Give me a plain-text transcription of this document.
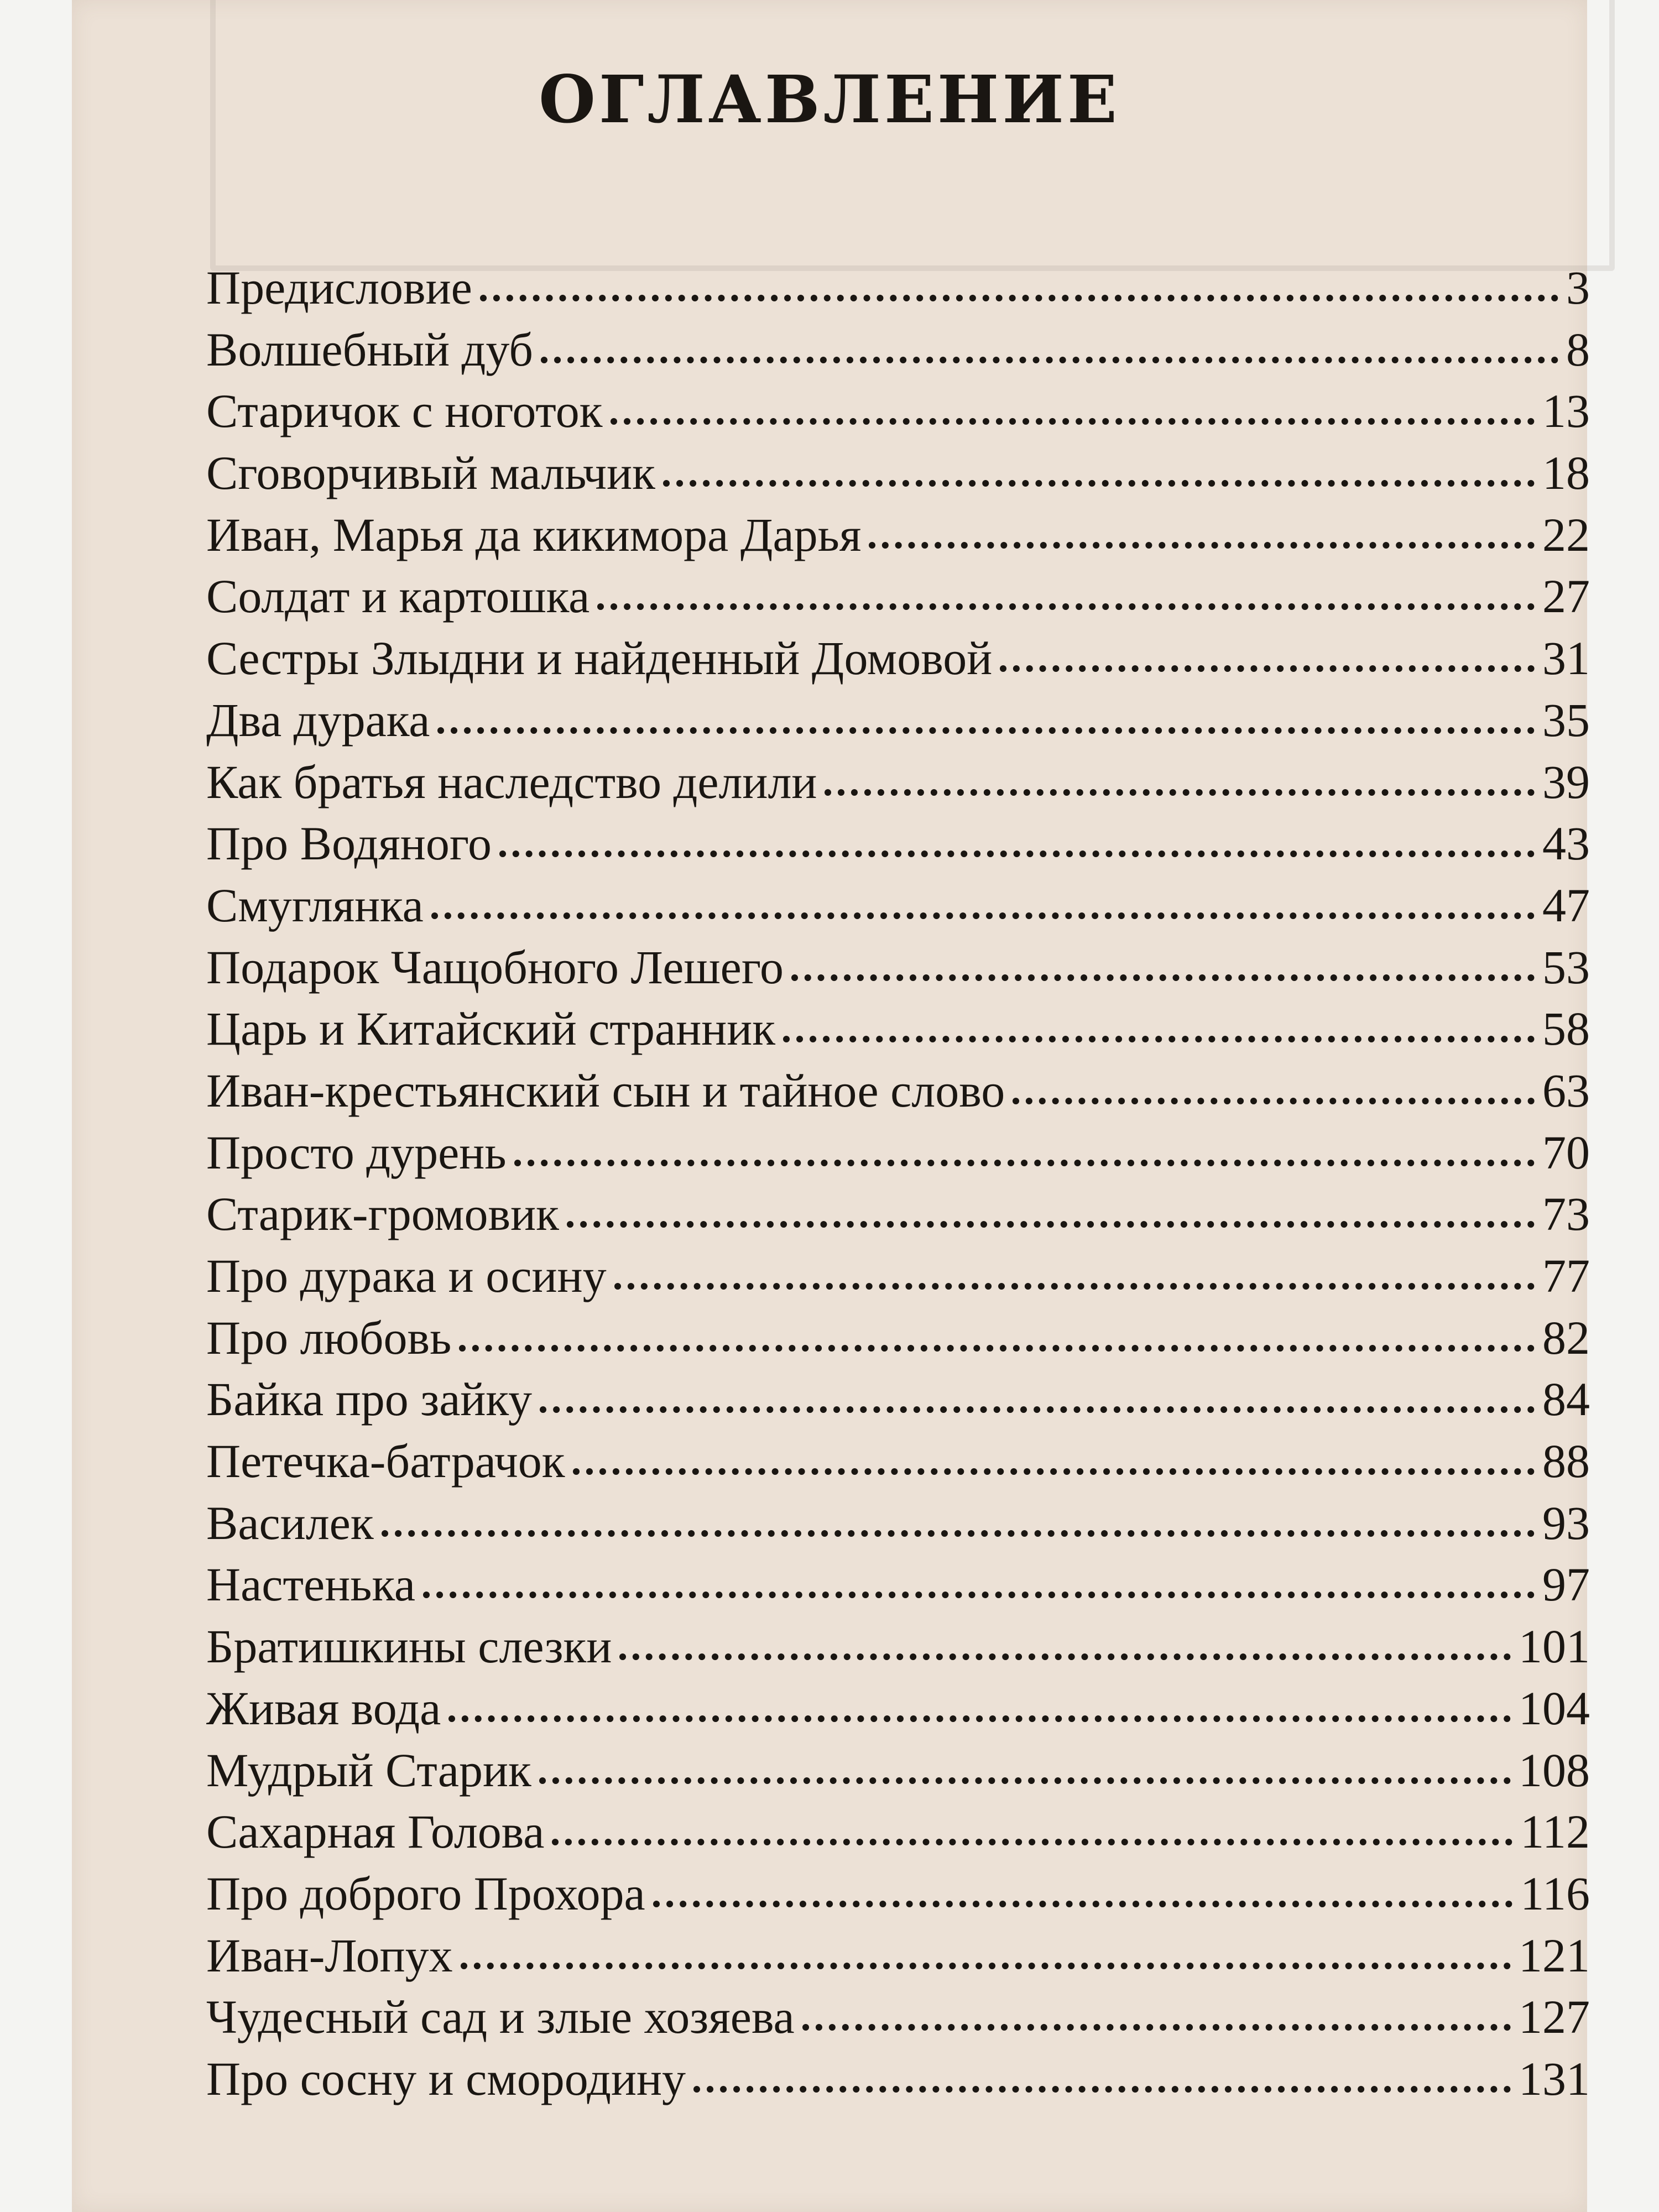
ОГЛАВЛЕНИЕ
Предисловие	3
Волшебный дуб	8
Старичок с ноготок	13
Сговорчивый мальчик	18
Иван, Марья да кикимора Дарья	22
Солдат и картошка	27
Сестры Злыдни и найденный Домовой	31
Два дурака	35
Как братья наследство делили	39
Про Водяного	43
Смуглянка	47
Подарок Чащобного Лешего	53
Царь и Китайский странник	58
Иван-крестьянский сын и тайное слово	63
Просто дурень	70
Старик-громовик	73
Про дурака и осину	77
Про любовь	82
Байка про зайку	84
Петечка-батрачок	88
Василек	93
Настенька	97
Братишкины слезки	101
Живая вода	104
Мудрый Старик	108
Сахарная Голова	112
Про доброго Прохора	116
Иван-Лопух	121
Чудесный сад и злые хозяева	127
Про сосну и смородину	131
